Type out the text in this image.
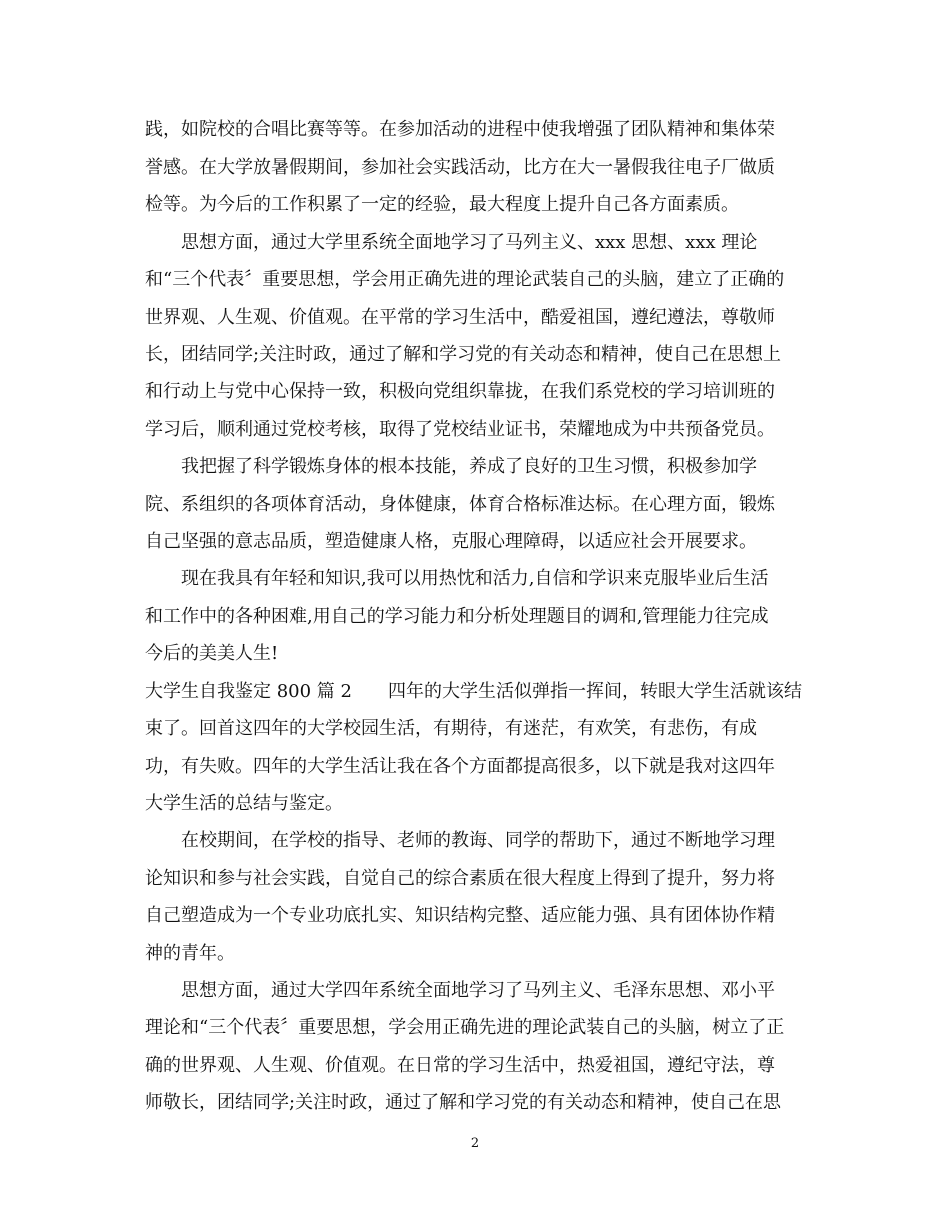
践，如院校的合唱比赛等等。在参加活动的进程中使我增强了团队精神和集体荣
誉感。在大学放暑假期间，参加社会实践活动，比方在大一暑假我往电子厂做质
检等。为今后的工作积累了一定的经验，最大程度上提升自己各方面素质。
　　思想方面，通过大学里系统全面地学习了马列主义、xxx 思想、xxx 理论
和“三个代表〞重要思想，学会用正确先进的理论武装自己的头脑，建立了正确的
世界观、人生观、价值观。在平常的学习生活中，酷爱祖国，遵纪遵法，尊敬师
长，团结同学;关注时政，通过了解和学习党的有关动态和精神，使自己在思想上
和行动上与党中心保持一致，积极向党组织靠拢，在我们系党校的学习培训班的
学习后，顺利通过党校考核，取得了党校结业证书，荣耀地成为中共预备党员。
　　我把握了科学锻炼身体的根本技能，养成了良好的卫生习惯，积极参加学
院、系组织的各项体育活动，身体健康，体育合格标准达标。在心理方面，锻炼
自己坚强的意志品质，塑造健康人格，克服心理障碍，以适应社会开展要求。
　　现在我具有年轻和知识,我可以用热忱和活力,自信和学识来克服毕业后生活
和工作中的各种困难,用自己的学习能力和分析处理题目的调和,管理能力往完成
今后的美美人生!
大学生自我鉴定 800 篇 2　　四年的大学生活似弹指一挥间，转眼大学生活就该结
束了。回首这四年的大学校园生活，有期待，有迷茫，有欢笑，有悲伤，有成
功，有失败。四年的大学生活让我在各个方面都提高很多，以下就是我对这四年
大学生活的总结与鉴定。
　　在校期间，在学校的指导、老师的教诲、同学的帮助下，通过不断地学习理
论知识和参与社会实践，自觉自己的综合素质在很大程度上得到了提升，努力将
自己塑造成为一个专业功底扎实、知识结构完整、适应能力强、具有团体协作精
神的青年。
　　思想方面，通过大学四年系统全面地学习了马列主义、毛泽东思想、邓小平
理论和“三个代表〞重要思想，学会用正确先进的理论武装自己的头脑，树立了正
确的世界观、人生观、价值观。在日常的学习生活中，热爱祖国，遵纪守法，尊
师敬长，团结同学;关注时政，通过了解和学习党的有关动态和精神，使自己在思
2
